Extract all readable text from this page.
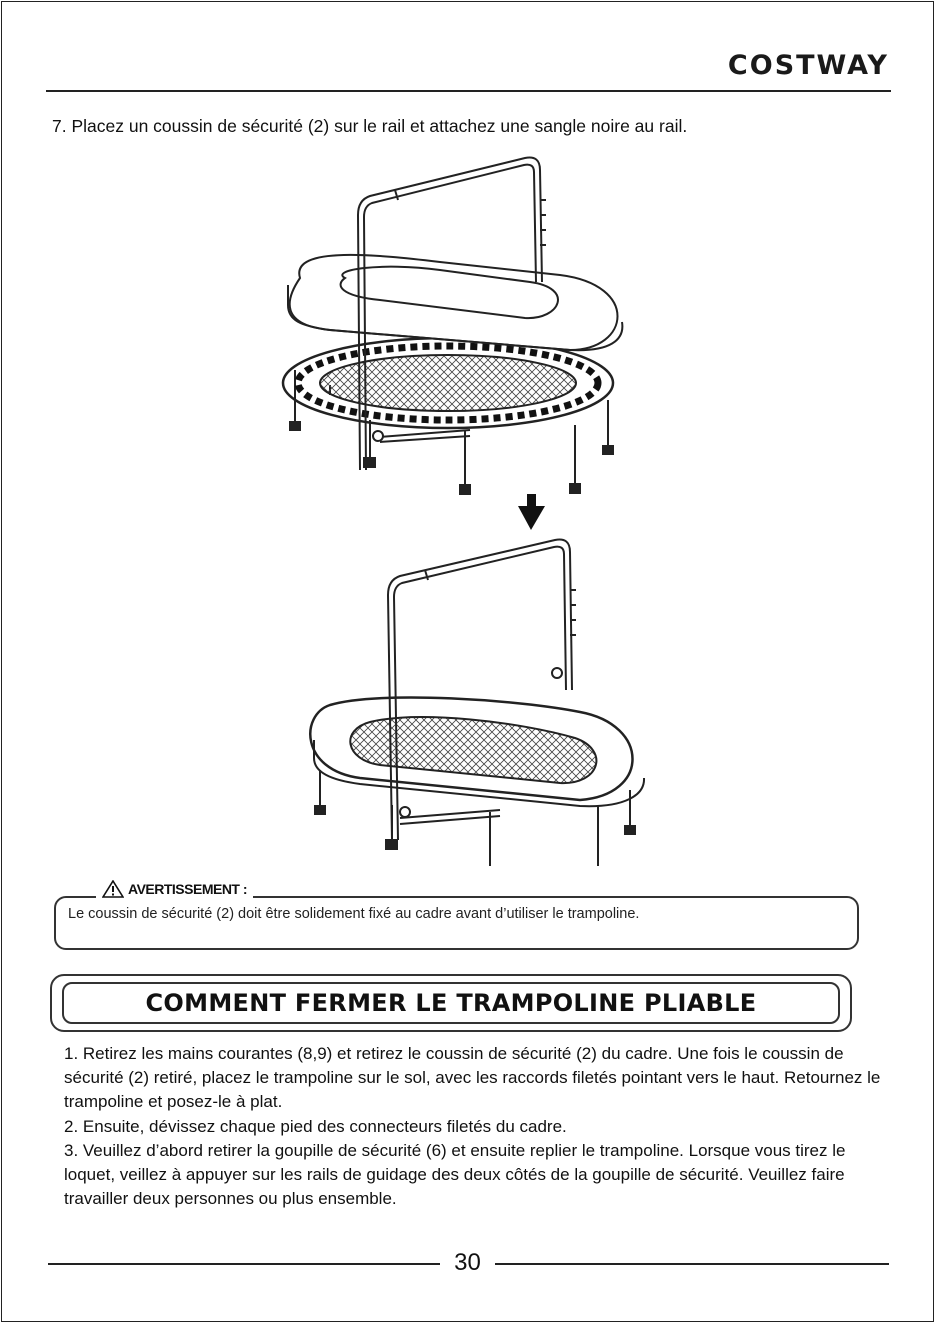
COSTWAY
7. Placez un coussin de sécurité (2) sur le rail et attachez une sangle noire au rail.
AVERTISSEMENT :
Le coussin de sécurité (2) doit être solidement fixé au cadre avant d’utiliser le trampoline.
COMMENT FERMER LE TRAMPOLINE PLIABLE

1. Retirez les mains courantes (8,9) et retirez le coussin de sécurité (2) du cadre. Une fois le coussin de sécurité (2) retiré, placez le trampoline sur le sol, avec les raccords filetés pointant vers le haut. Retournez le trampoline et posez-le à plat.

2. Ensuite, dévissez chaque pied des connecteurs filetés du cadre.

3. Veuillez d’abord retirer la goupille de sécurité (6) et ensuite replier le trampoline. Lorsque vous tirez le loquet, veillez à appuyer sur les rails de guidage des deux côtés de la goupille de sécurité. Veuillez faire travailler deux personnes ou plus ensemble.

30
